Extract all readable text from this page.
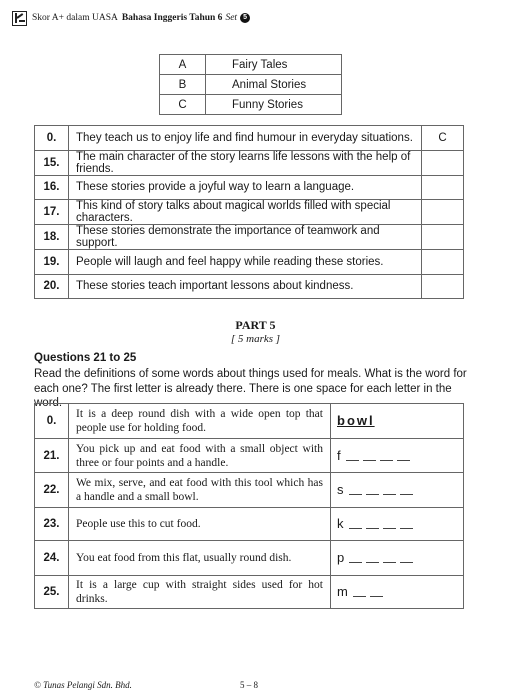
Skor A+ dalam UASA Bahasa Inggeris Tahun 6 Set 5
A	Fairy Tales
B	Animal Stories
C	Funny Stories
0.	They teach us to enjoy life and find humour in everyday situations.	C
15.	The main character of the story learns life lessons with the help of friends.	
16.	These stories provide a joyful way to learn a language.	
17.	This kind of story talks about magical worlds filled with special characters.	
18.	These stories demonstrate the importance of teamwork and support.	
19.	People will laugh and feel happy while reading these stories.	
20.	These stories teach important lessons about kindness.	
PART 5
[ 5 marks ]
Questions 21 to 25
Read the definitions of some words about things used for meals. What is the word for each one? The first letter is already there. There is one space for each letter in the word.
0.	It is a deep round dish with a wide open top that people use for holding food.	bowl
21.	You pick up and eat food with a small object with three or four points and a handle.	f
22.	We mix, serve, and eat food with this tool which has a handle and a small bowl.	s
23.	People use this to cut food.	k
24.	You eat food from this flat, usually round dish.	p
25.	It is a large cup with straight sides used for hot drinks.	m
© Tunas Pelangi Sdn. Bhd.	5 – 8
